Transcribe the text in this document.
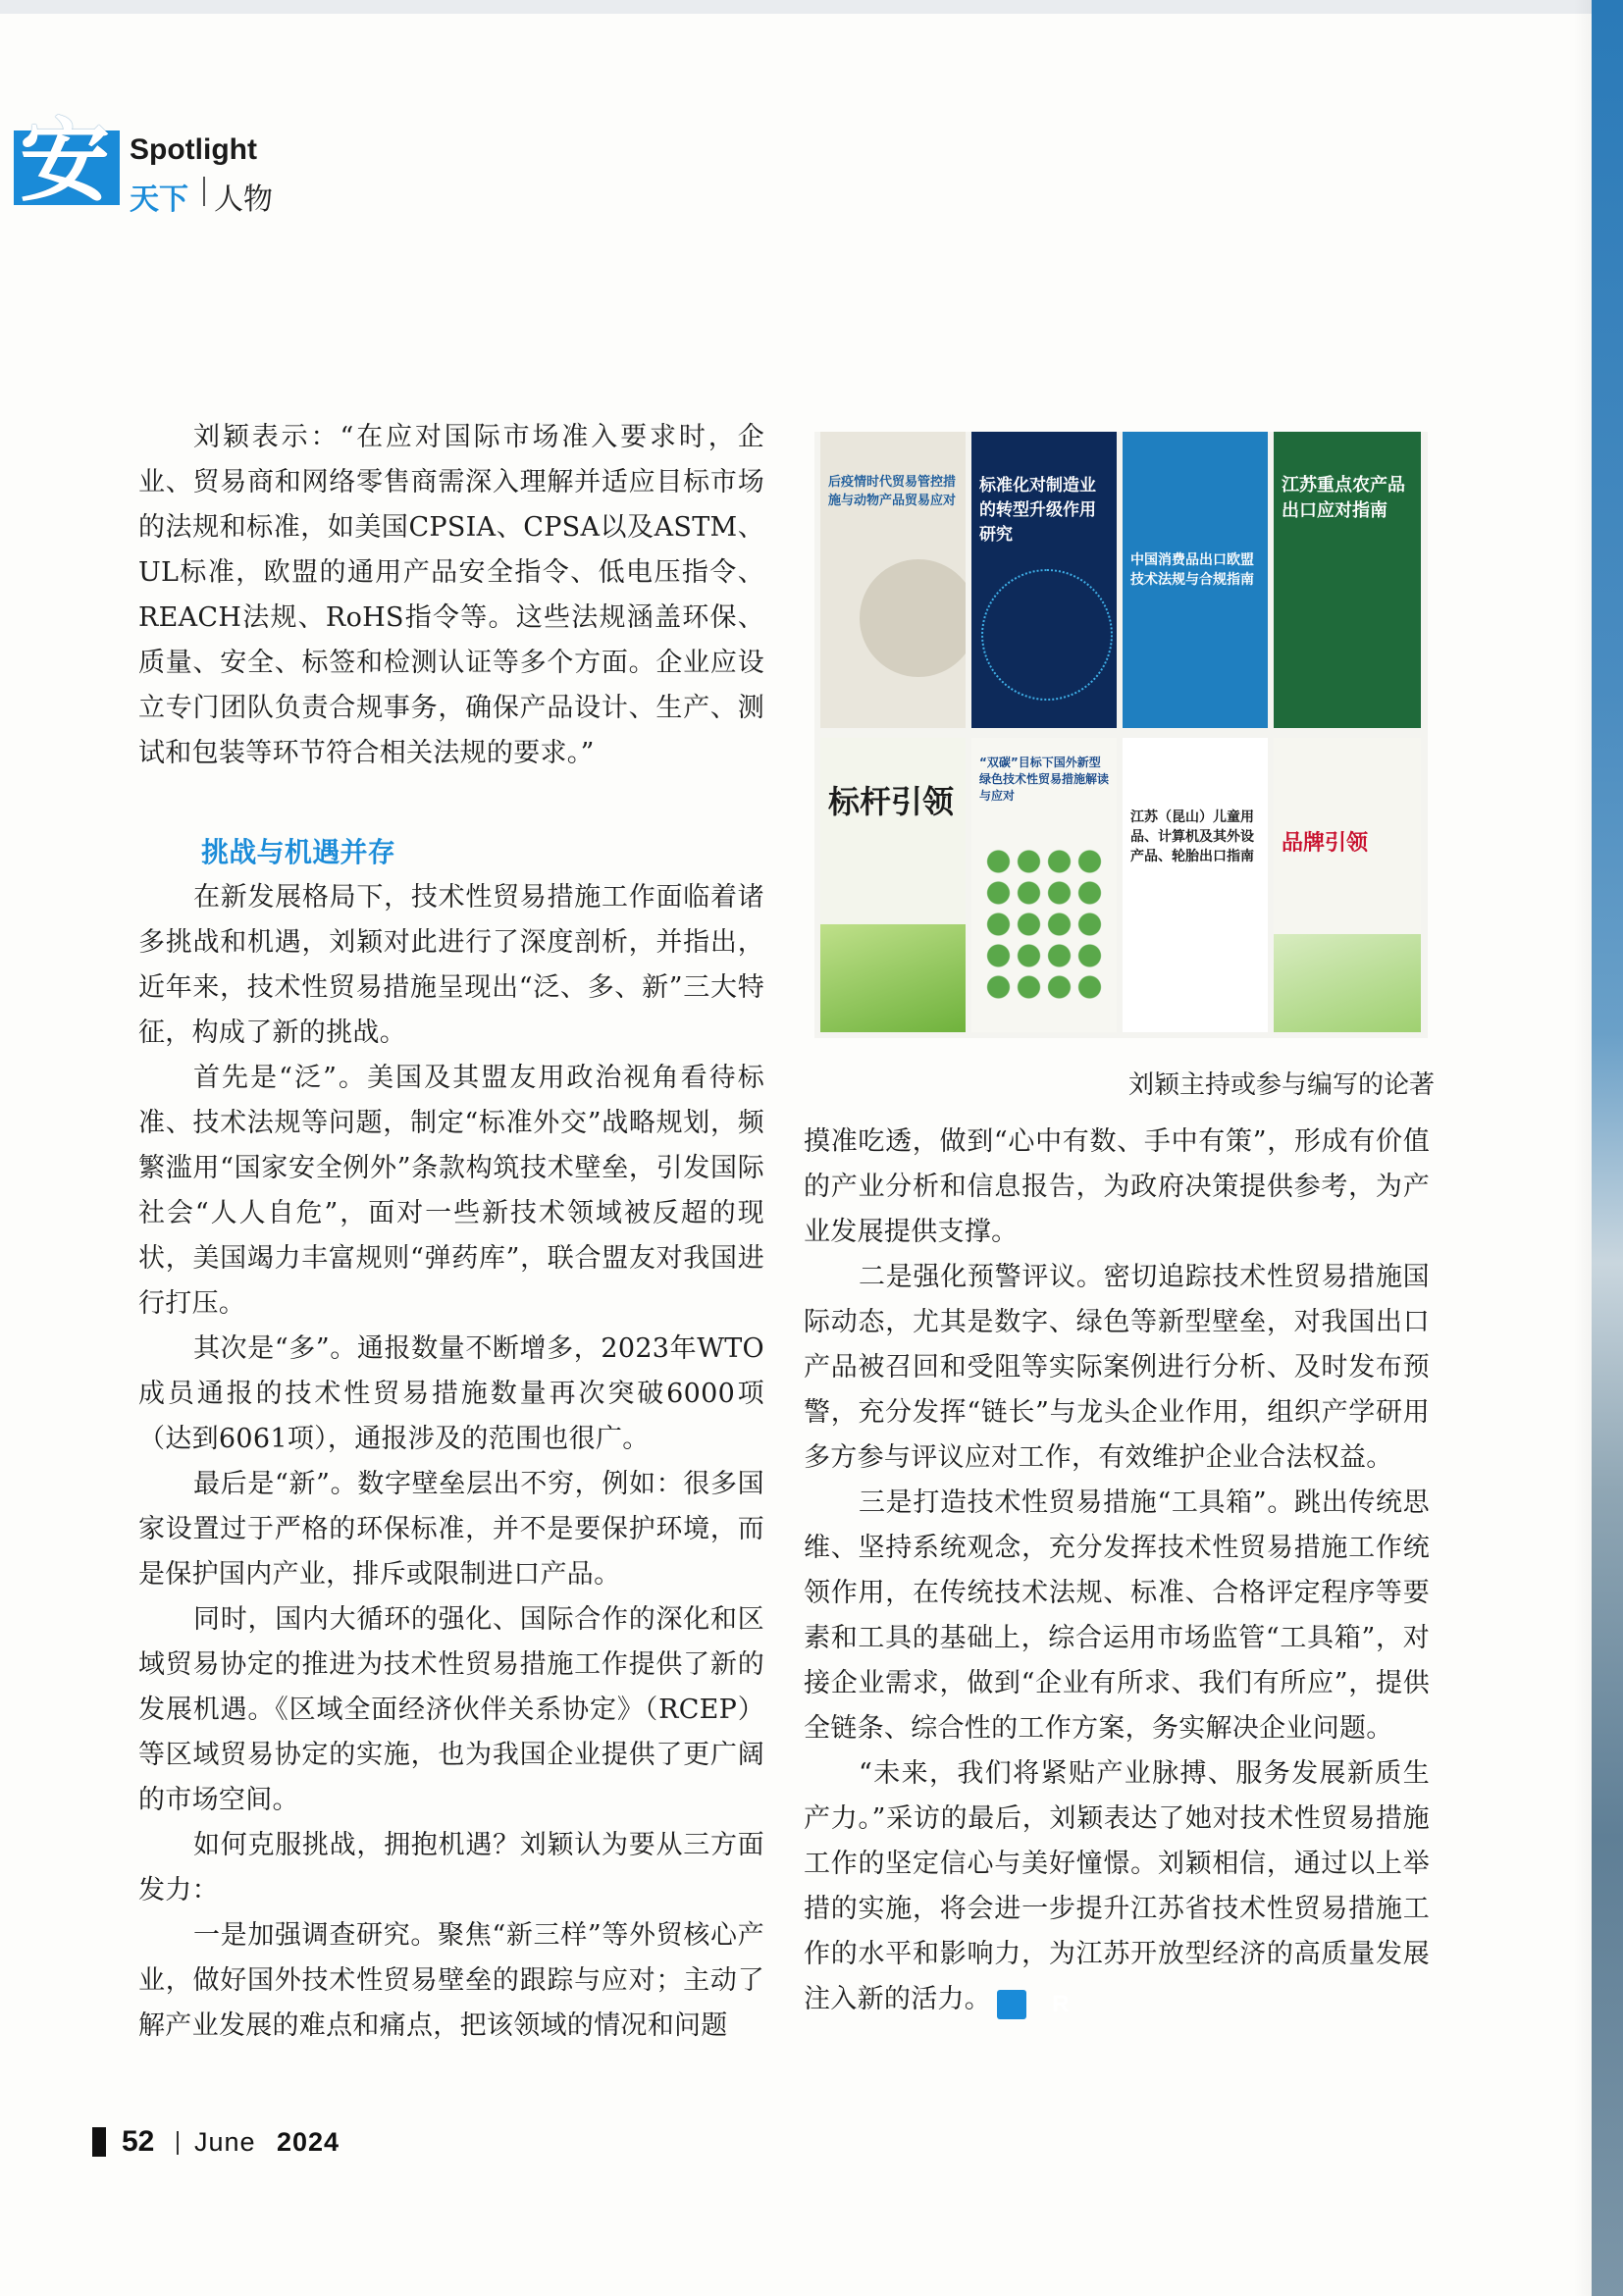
安 Spotlight
天下 人物

刘颖表示：“在应对国际市场准入要求时，企业、贸易商和网络零售商需深入理解并适应目标市场的法规和标准，如美国CPSIA、CPSA以及ASTM、UL标准，欧盟的通用产品安全指令、低电压指令、REACH法规、RoHS指令等。这些法规涵盖环保、质量、安全、标签和检测认证等多个方面。企业应设立专门团队负责合规事务，确保产品设计、生产、测试和包装等环节符合相关法规的要求。”

挑战与机遇并存

在新发展格局下，技术性贸易措施工作面临着诸多挑战和机遇，刘颖对此进行了深度剖析，并指出，近年来，技术性贸易措施呈现出“泛、多、新”三大特征，构成了新的挑战。

首先是“泛”。美国及其盟友用政治视角看待标准、技术法规等问题，制定“标准外交”战略规划，频繁滥用“国家安全例外”条款构筑技术壁垒，引发国际社会“人人自危”，面对一些新技术领域被反超的现状，美国竭力丰富规则“弹药库”，联合盟友对我国进行打压。

其次是“多”。通报数量不断增多，2023年WTO成员通报的技术性贸易措施数量再次突破6000项（达到6061项），通报涉及的范围也很广。

最后是“新”。数字壁垒层出不穷，例如：很多国家设置过于严格的环保标准，并不是要保护环境，而是保护国内产业，排斥或限制进口产品。

同时，国内大循环的强化、国际合作的深化和区域贸易协定的推进为技术性贸易措施工作提供了新的发展机遇。《区域全面经济伙伴关系协定》（RCEP）等区域贸易协定的实施，也为我国企业提供了更广阔的市场空间。

如何克服挑战，拥抱机遇？刘颖认为要从三方面发力：

一是加强调查研究。聚焦“新三样”等外贸核心产业，做好国外技术性贸易壁垒的跟踪与应对；主动了解产业发展的难点和痛点，把该领域的情况和问题

后疫情时代贸易管控措施与动物产品贸易应对
标准化对制造业的转型升级作用研究
中国消费品出口欧盟技术法规与合规指南
江苏重点农产品出口应对指南
标杆引领
“双碳”目标下国外新型绿色技术性贸易措施解读与应对
江苏（昆山）儿童用品、计算机及其外设产品、轮胎出口指南
品牌引领
刘颖主持或参与编写的论著

摸准吃透，做到“心中有数、手中有策”，形成有价值的产业分析和信息报告，为政府决策提供参考，为产业发展提供支撑。

二是强化预警评议。密切追踪技术性贸易措施国际动态，尤其是数字、绿色等新型壁垒，对我国出口产品被召回和受阻等实际案例进行分析、及时发布预警，充分发挥“链长”与龙头企业作用，组织产学研用多方参与评议应对工作，有效维护企业合法权益。

三是打造技术性贸易措施“工具箱”。跳出传统思维、坚持系统观念，充分发挥技术性贸易措施工作统领作用，在传统技术法规、标准、合格评定程序等要素和工具的基础上，综合运用市场监管“工具箱”，对接企业需求，做到“企业有所求、我们有所应”，提供全链条、综合性的工作方案，务实解决企业问题。

“未来，我们将紧贴产业脉搏、服务发展新质生产力。”采访的最后，刘颖表达了她对技术性贸易措施工作的坚定信心与美好憧憬。刘颖相信，通过以上举措的实施，将会进一步提升江苏省技术性贸易措施工作的水平和影响力，为江苏开放型经济的高质量发展注入新的活力。	R

52 June 2024
